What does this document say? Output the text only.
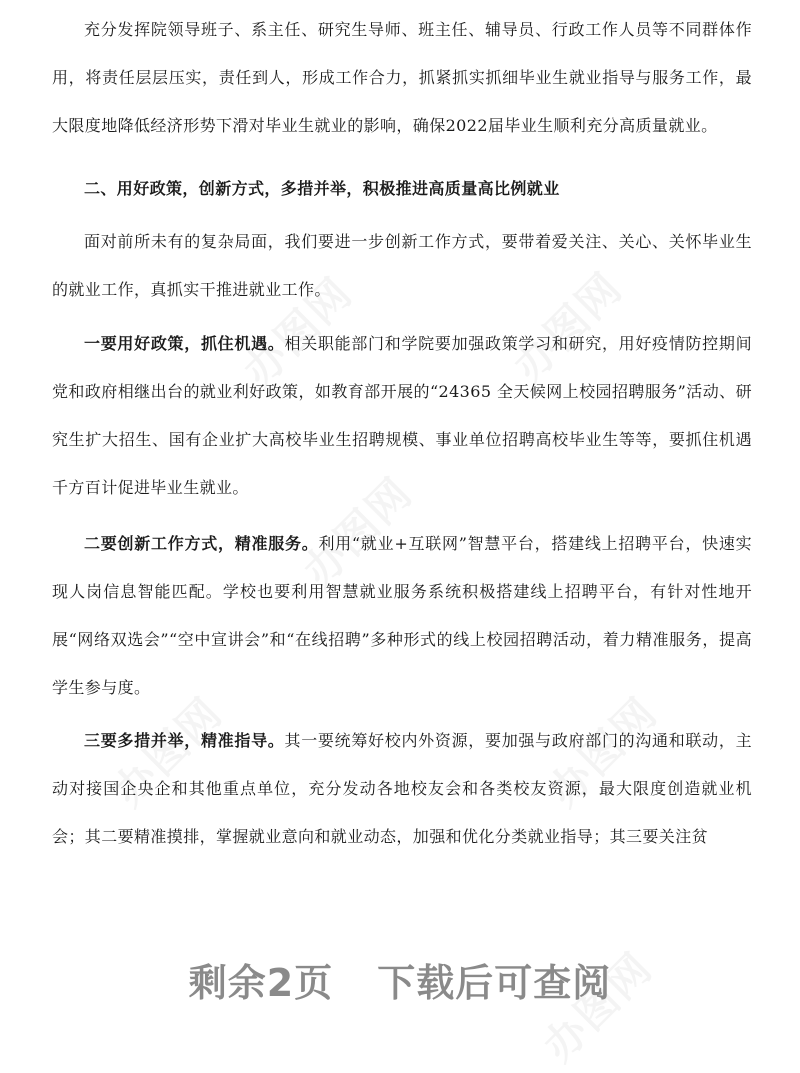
充分发挥院领导班子、系主任、研究生导师、班主任、辅导员、行政工作人员等不同群体作用，将责任层层压实，责任到人，形成工作合力，抓紧抓实抓细毕业生就业指导与服务工作，最大限度地降低经济形势下滑对毕业生就业的影响，确保2022届毕业生顺利充分高质量就业。
二、用好政策，创新方式，多措并举，积极推进高质量高比例就业
面对前所未有的复杂局面，我们要进一步创新工作方式，要带着爱关注、关心、关怀毕业生的就业工作，真抓实干推进就业工作。
一要用好政策，抓住机遇。相关职能部门和学院要加强政策学习和研究，用好疫情防控期间党和政府相继出台的就业利好政策，如教育部开展的“24365 全天候网上校园招聘服务”活动、研究生扩大招生、国有企业扩大高校毕业生招聘规模、事业单位招聘高校毕业生等等，要抓住机遇千方百计促进毕业生就业。
二要创新工作方式，精准服务。利用“就业+互联网”智慧平台，搭建线上招聘平台，快速实现人岗信息智能匹配。学校也要利用智慧就业服务系统积极搭建线上招聘平台，有针对性地开展“网络双选会”“空中宣讲会”和“在线招聘”多种形式的线上校园招聘活动，着力精准服务，提高学生参与度。
三要多措并举，精准指导。其一要统筹好校内外资源，要加强与政府部门的沟通和联动，主动对接国企央企和其他重点单位，充分发动各地校友会和各类校友资源，最大限度创造就业机会；其二要精准摸排，掌握就业意向和就业动态，加强和优化分类就业指导；其三要关注贫
剩余2页 下载后可查阅
